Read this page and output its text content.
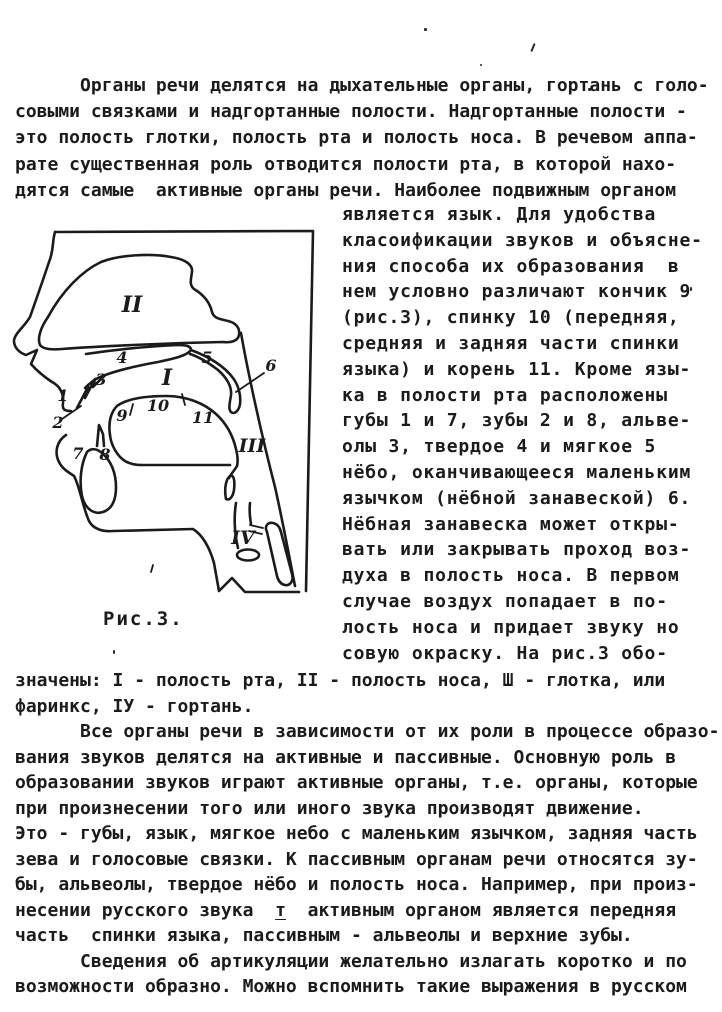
Органы речи делятся на дыхательные органы, гортань с голо-
совыми связками и надгортанные полости. Надгортанные полости -
это полость глотки, полость рта и полость носа. В речевом аппа-
рате существенная роль отводится полости рта, в которой нахо-
дятся самые  активные органы речи. Наиболее подвижным органом
1
2
3
4	5	6
7 8
9
10
11
I
II
III
IV
Рис.3.
является язык. Для удобства
класоификации звуков и объясне-
ния способа их образования  в
нем условно различают кончик 9
(рис.3), спинку 10 (передняя,
средняя и задняя части спинки
языка) и корень 11. Кроме язы-
ка в полости рта расположены
губы 1 и 7, зубы 2 и 8, альве-
олы 3, твердое 4 и мягкое 5
нёбо, оканчивающееся маленьким
язычком (нёбной занавеской) 6.
Нёбная занавеска может откры-
вать или закрывать проход воз-
духа в полость носа. В первом
случае воздух попадает в по-
лость носа и придает звуку но
совую окраску. На рис.3 обо-
значены: I - полость рта, II - полость носа, Ш - глотка, или
фаринкс, IУ - гортань.
Все органы речи в зависимости от их роли в процессе образо-
вания звуков делятся на активные и пассивные. Основную роль в
образовании звуков играют активные органы, т.е. органы, которые
при произнесении того или иного звука производят движение.
Это - губы, язык, мягкое небо с маленьким язычком, задняя часть
зева и голосовые связки. К пассивным органам речи относятся зу-
бы, альвеолы, твердое нёбо и полость носа. Например, при произ-
несении русского звука  т  активным органом является передняя
часть  спинки языка, пассивным - альвеолы и верхние зубы.
Сведения об артикуляции желательно излагать коротко и по
возможности образно. Можно вспомнить такие выражения в русском
